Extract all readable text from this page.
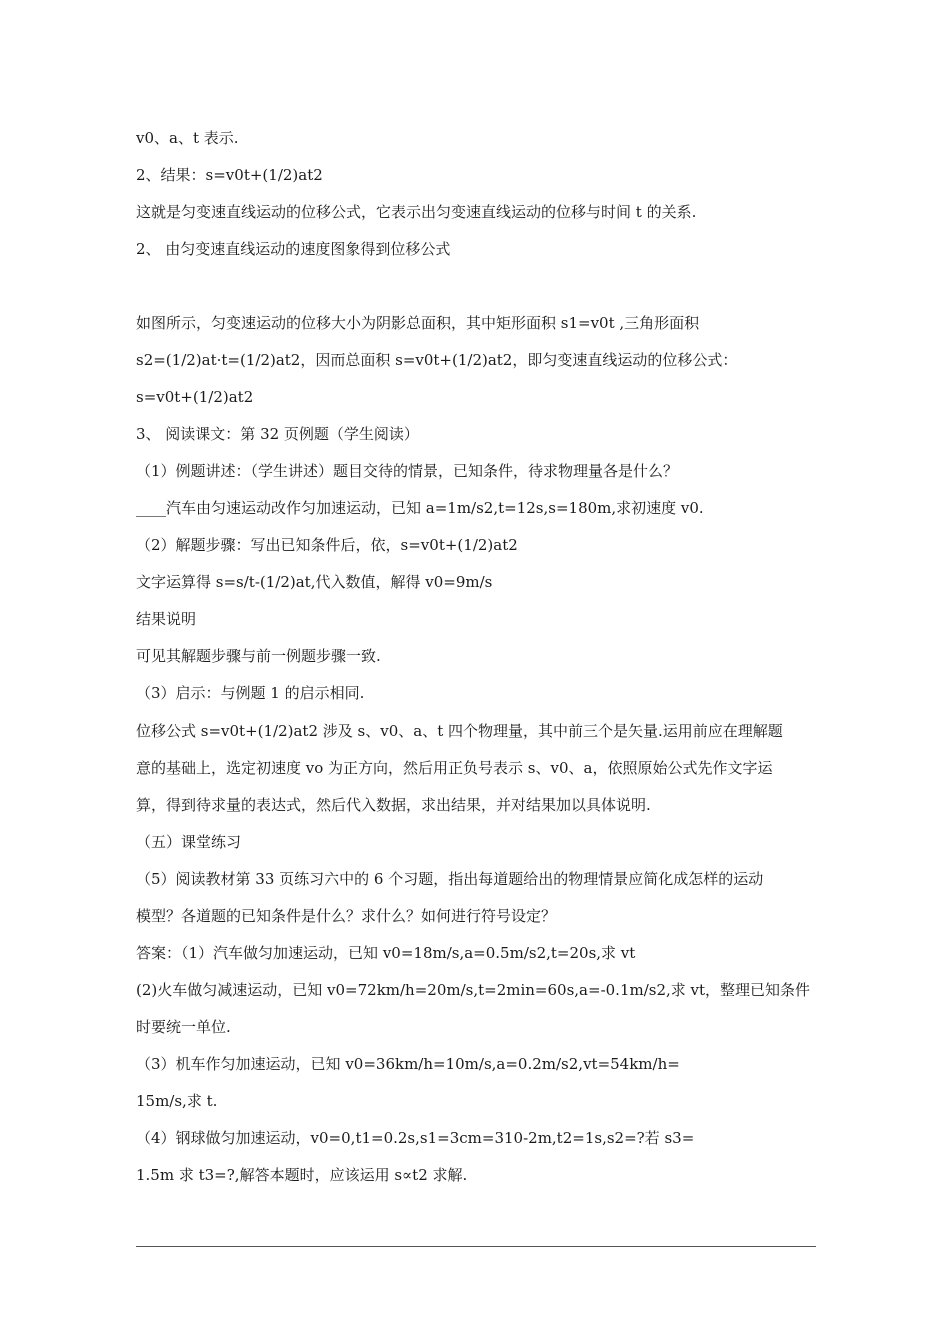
v0、a、t 表示.
2、结果：s=v0t+(1/2)at2
这就是匀变速直线运动的位移公式，它表示出匀变速直线运动的位移与时间 t 的关系.
2、 由匀变速直线运动的速度图象得到位移公式
如图所示，匀变速运动的位移大小为阴影总面积，其中矩形面积 s1=v0t ,三角形面积
s2=(1/2)at·t=(1/2)at2，因而总面积 s=v0t+(1/2)at2，即匀变速直线运动的位移公式：
s=v0t+(1/2)at2
3、 阅读课文：第 32 页例题（学生阅读）
（1）例题讲述：（学生讲述）题目交待的情景，已知条件，待求物理量各是什么？
____汽车由匀速运动改作匀加速运动，已知 a=1m/s2,t=12s,s=180m,求初速度 v0.
（2）解题步骤：写出已知条件后，依，s=v0t+(1/2)at2
文字运算得 s=s/t-(1/2)at,代入数值，解得 v0=9m/s
结果说明
可见其解题步骤与前一例题步骤一致.
（3）启示：与例题 1 的启示相同.
位移公式 s=v0t+(1/2)at2 涉及 s、v0、a、t 四个物理量，其中前三个是矢量.运用前应在理解题
意的基础上，选定初速度 vo 为正方向，然后用正负号表示 s、v0、a，依照原始公式先作文字运
算，得到待求量的表达式，然后代入数据，求出结果，并对结果加以具体说明.
（五）课堂练习
（5）阅读教材第 33 页练习六中的 6 个习题，指出每道题给出的物理情景应简化成怎样的运动
模型？各道题的已知条件是什么？求什么？如何进行符号设定？
答案：（1）汽车做匀加速运动，已知 v0=18m/s,a=0.5m/s2,t=20s,求 vt
(2)火车做匀减速运动，已知 v0=72km/h=20m/s,t=2min=60s,a=-0.1m/s2,求 vt，整理已知条件
时要统一单位.
（3）机车作匀加速运动，已知 v0=36km/h=10m/s,a=0.2m/s2,vt=54km/h=
15m/s,求 t.
（4）钢球做匀加速运动，v0=0,t1=0.2s,s1=3cm=310-2m,t2=1s,s2=?若 s3=
1.5m 求 t3=?,解答本题时，应该运用 s∝t2 求解.
